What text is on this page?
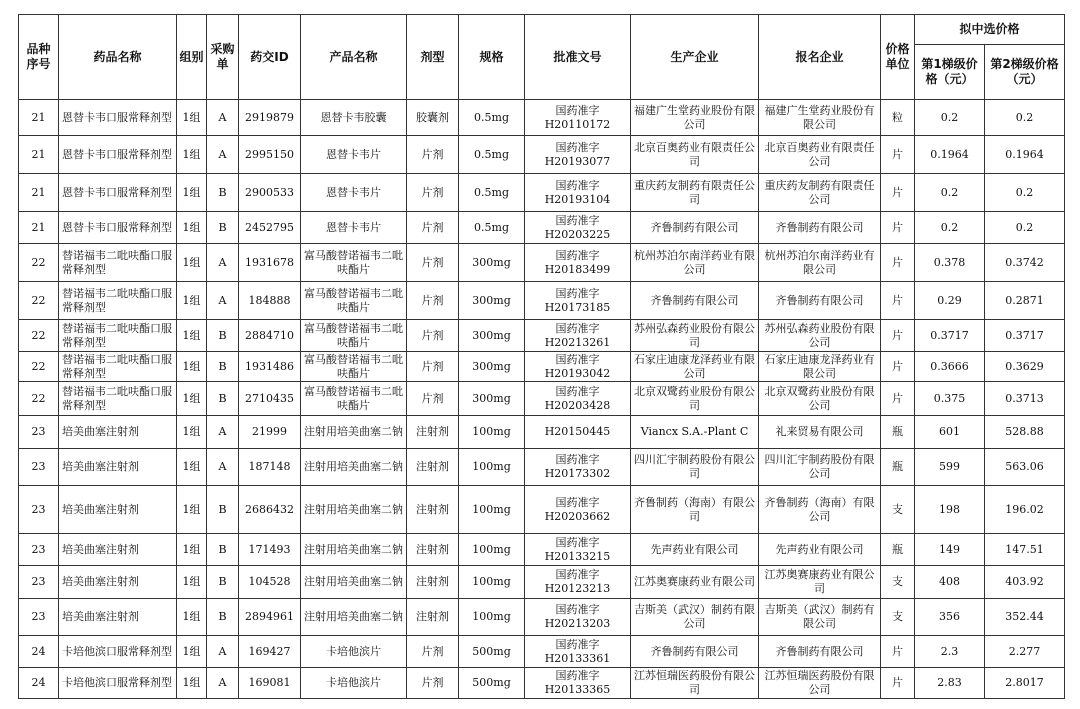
品种序号	药品名称	组别	采购单	药交ID	产品名称	剂型	规格	批准文号	生产企业	报名企业	价格单位	拟中选价格	
												第1梯级价格（元）	第2梯级价格（元）
21	恩替卡韦口服常释剂型	1组	A	2919879	恩替卡韦胶囊	胶囊剂	0.5mg	国药准字H20110172	福建广生堂药业股份有限公司	福建广生堂药业股份有限公司	粒	0.2	0.2
21	恩替卡韦口服常释剂型	1组	A	2995150	恩替卡韦片	片剂	0.5mg	国药准字H20193077	北京百奥药业有限责任公司	北京百奥药业有限责任公司	片	0.1964	0.1964
21	恩替卡韦口服常释剂型	1组	B	2900533	恩替卡韦片	片剂	0.5mg	国药准字H20193104	重庆药友制药有限责任公司	重庆药友制药有限责任公司	片	0.2	0.2
21	恩替卡韦口服常释剂型	1组	B	2452795	恩替卡韦片	片剂	0.5mg	国药准字H20203225	齐鲁制药有限公司	齐鲁制药有限公司	片	0.2	0.2
22	替诺福韦二吡呋酯口服常释剂型	1组	A	1931678	富马酸替诺福韦二吡呋酯片	片剂	300mg	国药准字H20183499	杭州苏泊尔南洋药业有限公司	杭州苏泊尔南洋药业有限公司	片	0.378	0.3742
22	替诺福韦二吡呋酯口服常释剂型	1组	A	184888	富马酸替诺福韦二吡呋酯片	片剂	300mg	国药准字H20173185	齐鲁制药有限公司	齐鲁制药有限公司	片	0.29	0.2871
22	替诺福韦二吡呋酯口服常释剂型	1组	B	2884710	富马酸替诺福韦二吡呋酯片	片剂	300mg	国药准字H20213261	苏州弘森药业股份有限公司	苏州弘森药业股份有限公司	片	0.3717	0.3717
22	替诺福韦二吡呋酯口服常释剂型	1组	B	1931486	富马酸替诺福韦二吡呋酯片	片剂	300mg	国药准字H20193042	石家庄迪康龙泽药业有限公司	石家庄迪康龙泽药业有限公司	片	0.3666	0.3629
22	替诺福韦二吡呋酯口服常释剂型	1组	B	2710435	富马酸替诺福韦二吡呋酯片	片剂	300mg	国药准字H20203428	北京双鹭药业股份有限公司	北京双鹭药业股份有限公司	片	0.375	0.3713
23	培美曲塞注射剂	1组	A	21999	注射用培美曲塞二钠	注射剂	100mg	H20150445	Viancx S.A.-Plant C	礼来贸易有限公司	瓶	601	528.88
23	培美曲塞注射剂	1组	A	187148	注射用培美曲塞二钠	注射剂	100mg	国药准字H20173302	四川汇宇制药股份有限公司	四川汇宇制药股份有限公司	瓶	599	563.06
23	培美曲塞注射剂	1组	B	2686432	注射用培美曲塞二钠	注射剂	100mg	国药准字H20203662	齐鲁制药（海南）有限公司	齐鲁制药（海南）有限公司	支	198	196.02
23	培美曲塞注射剂	1组	B	171493	注射用培美曲塞二钠	注射剂	100mg	国药准字H20133215	先声药业有限公司	先声药业有限公司	瓶	149	147.51
23	培美曲塞注射剂	1组	B	104528	注射用培美曲塞二钠	注射剂	100mg	国药准字H20123213	江苏奥赛康药业有限公司	江苏奥赛康药业有限公司	支	408	403.92
23	培美曲塞注射剂	1组	B	2894961	注射用培美曲塞二钠	注射剂	100mg	国药准字H20213203	吉斯美（武汉）制药有限公司	吉斯美（武汉）制药有限公司	支	356	352.44
24	卡培他滨口服常释剂型	1组	A	169427	卡培他滨片	片剂	500mg	国药准字H20133361	齐鲁制药有限公司	齐鲁制药有限公司	片	2.3	2.277
24	卡培他滨口服常释剂型	1组	A	169081	卡培他滨片	片剂	500mg	国药准字H20133365	江苏恒瑞医药股份有限公司	江苏恒瑞医药股份有限公司	片	2.83	2.8017
